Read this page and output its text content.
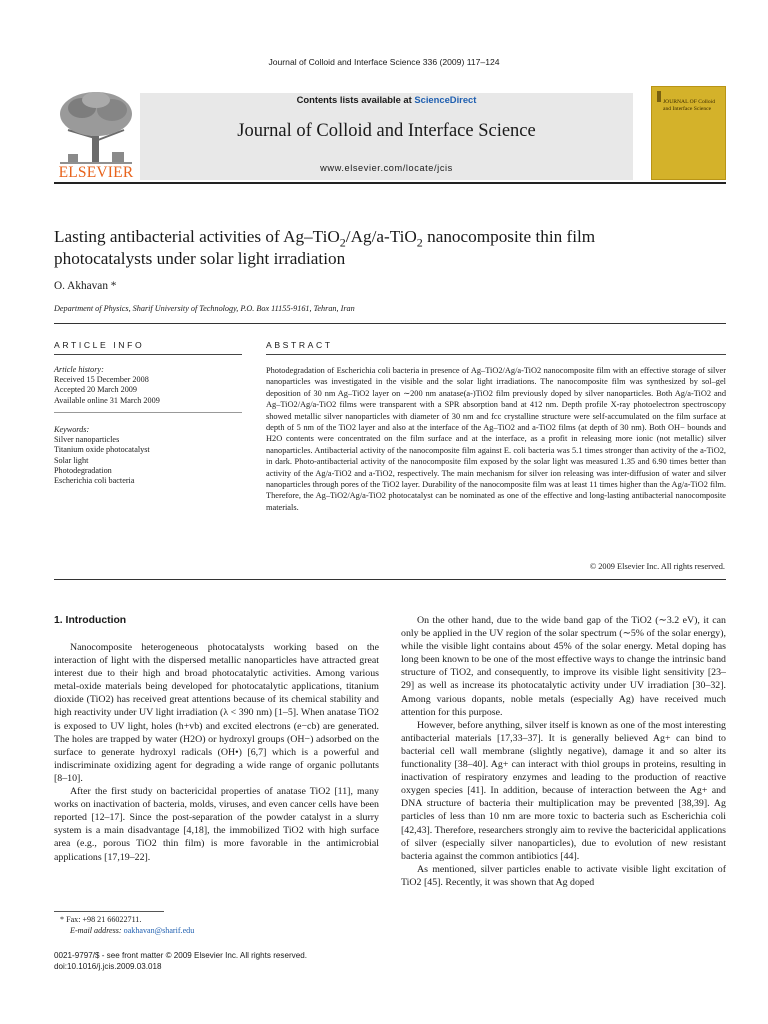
Journal of Colloid and Interface Science 336 (2009) 117–124
ELSEVIER
Contents lists available at ScienceDirect
Journal of Colloid and Interface Science
www.elsevier.com/locate/jcis
JOURNAL OF Colloid and Interface Science
Lasting antibacterial activities of Ag–TiO$_2$/Ag/a-TiO$_2$ nanocomposite thin film
photocatalysts under solar light irradiation
O. Akhavan *
Department of Physics, Sharif University of Technology, P.O. Box 11155-9161, Tehran, Iran
ARTICLE INFO
Article history:
Received 15 December 2008
Accepted 20 March 2009
Available online 31 March 2009
Keywords:
Silver nanoparticles
Titanium oxide photocatalyst
Solar light
Photodegradation
Escherichia coli bacteria
ABSTRACT
Photodegradation of Escherichia coli bacteria in presence of Ag–TiO2/Ag/a-TiO2 nanocomposite film with an effective storage of silver nanoparticles was investigated in the visible and the solar light irradiations. The nanocomposite film was synthesized by sol–gel deposition of 30 nm Ag–TiO2 layer on ∼200 nm anatase(a-)TiO2 film previously doped by silver nanoparticles. Both Ag/a-TiO2 and Ag–TiO2/Ag/a-TiO2 films were transparent with a SPR absorption band at 412 nm. Depth profile X-ray photoelectron spectroscopy showed metallic silver nanoparticles with diameter of 30 nm and fcc crystalline structure were self-accumulated on the film surface at depth of 5 nm of the TiO2 layer and also at the interface of the Ag–TiO2 and a-TiO2 films (at depth of 30 nm). Both OH− bounds and H2O contents were concentrated on the film surface and at the interface, as a profit in releasing more ionic (not metallic) silver nanoparticles. Antibacterial activity of the nanocomposite film against E. coli bacteria was 5.1 times stronger than activity of the a-TiO2, in dark. Photo-antibacterial activity of the nanocomposite film exposed by the solar light was measured 1.35 and 6.90 times better than activity of the Ag/a-TiO2 and a-TiO2, respectively. The main mechanism for silver ion releasing was inter-diffusion of water and silver nanoparticles through pores of the TiO2 layer. Durability of the nanocomposite film was at least 11 times higher than the Ag/a-TiO2 film. Therefore, the Ag–TiO2/Ag/a-TiO2 photocatalyst can be nominated as one of the effective and long-lasting antibacterial nanocomposite materials.
© 2009 Elsevier Inc. All rights reserved.
1. Introduction

Nanocomposite heterogeneous photocatalysts working based on the interaction of light with the dispersed metallic nanoparticles have attracted great interest due to their high and broad photocatalytic activities. Among various metal-oxide materials being developed for photocatalytic applications, titanium dioxide (TiO2) has received great attentions because of its chemical stability and high reactivity under UV light irradiation (λ < 390 nm) [1–5]. When anatase TiO2 is exposed to UV light, holes (h+vb) and excited electrons (e−cb) are generated. The holes are trapped by water (H2O) or hydroxyl groups (OH−) adsorbed on the surface to generate hydroxyl radicals (OH•) [6,7] which is a powerful and indiscriminate oxidizing agent for degrading a wide range of organic pollutants [8–10].

After the first study on bactericidal properties of anatase TiO2 [11], many works on inactivation of bacteria, molds, viruses, and even cancer cells have been reported [12–17]. Since the post-separation of the powder catalyst in a slurry system is a main disadvantage [4,18], the immobilized TiO2 with high surface area (e.g., porous TiO2 thin film) is more favorable in the antimicrobial applications [17,19–22].

On the other hand, due to the wide band gap of the TiO2 (∼3.2 eV), it can only be applied in the UV region of the solar spectrum (∼5% of the solar energy), while the visible light contains about 45% of the solar energy. Metal doping has long been known to be one of the most effective ways to change the intrinsic band structure of TiO2, and consequently, to improve its visible light sensitivity [23–29] as well as increase its photocatalytic activity under UV irradiation [30–32]. Among various dopants, noble metals (especially Ag) have received much attention for this purpose.

However, before anything, silver itself is known as one of the most interesting antibacterial materials [17,33–37]. It is generally believed Ag+ can bind to bacterial cell wall membrane (slightly negative), damage it and so alter its functionality [38–40]. Ag+ can interact with thiol groups in proteins, resulting in inactivation of respiratory enzymes and leading to the production of reactive oxygen species [41]. In addition, because of interaction between the Ag+ and DNA structure of bacteria their multiplication may be prevented [38,39]. Ag particles of less than 10 nm are more toxic to bacteria such as Escherichia coli [42,43]. Therefore, researchers strongly aim to revive the bactericidal applications of silver (especially silver nanoparticles), due to evolution of new resistant bacteria against the common antibiotics [44].

As mentioned, silver particles enable to activate visible light excitation of TiO2 [45]. Recently, it was shown that Ag doped

* Fax: +98 21 66022711.
E-mail address: oakhavan@sharif.edu
0021-9797/$ - see front matter © 2009 Elsevier Inc. All rights reserved.
doi:10.1016/j.jcis.2009.03.018
